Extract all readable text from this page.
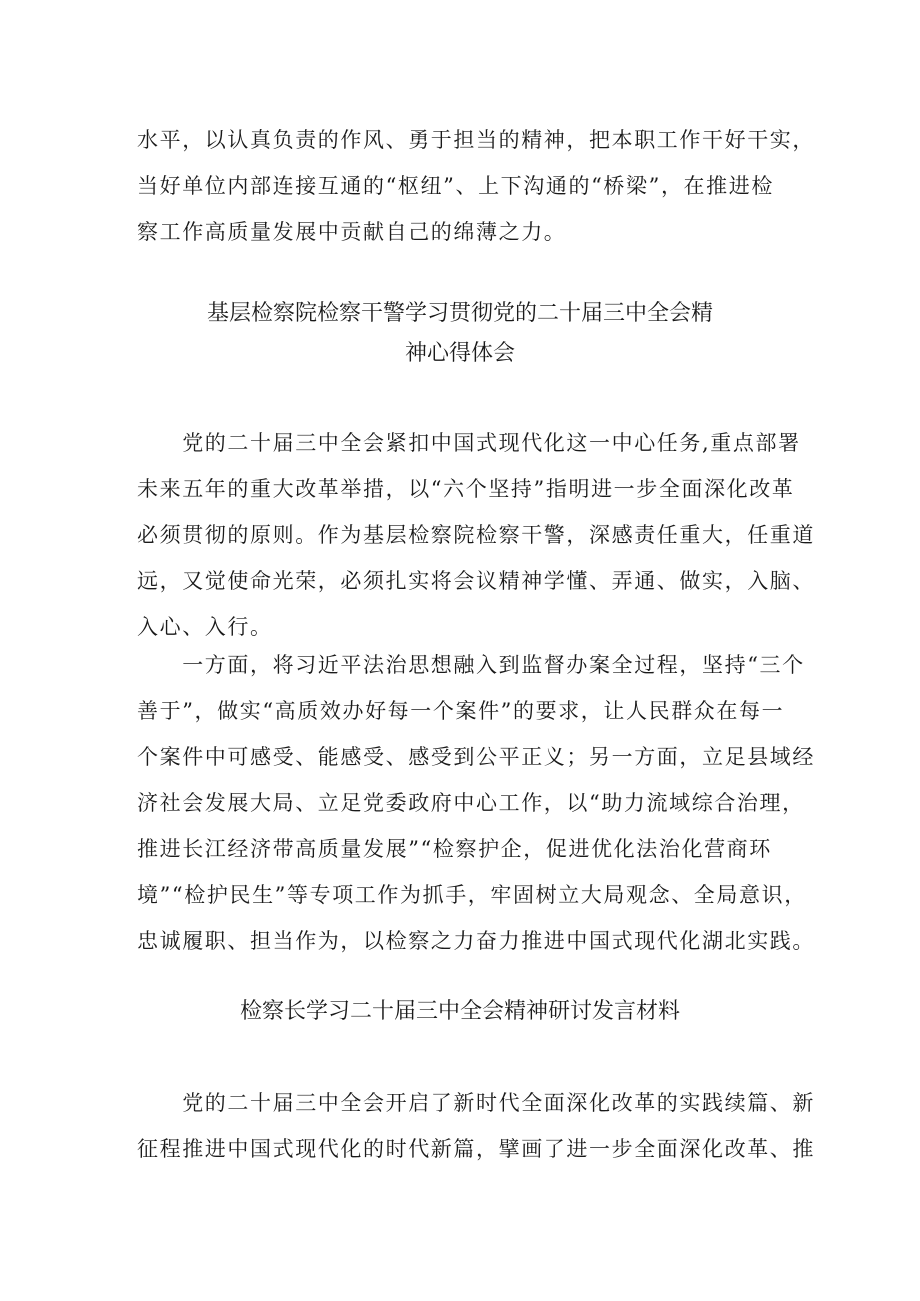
水平，以认真负责的作风、勇于担当的精神，把本职工作干好干实，
当好单位内部连接互通的“枢纽”、上下沟通的“桥梁”，在推进检
察工作高质量发展中贡献自己的绵薄之力。
基层检察院检察干警学习贯彻党的二十届三中全会精
神心得体会
　　党的二十届三中全会紧扣中国式现代化这一中心任务,重点部署
未来五年的重大改革举措，以“六个坚持”指明进一步全面深化改革
必须贯彻的原则。作为基层检察院检察干警，深感责任重大，任重道
远，又觉使命光荣，必须扎实将会议精神学懂、弄通、做实，入脑、
入心、入行。
　　一方面，将习近平法治思想融入到监督办案全过程，坚持“三个
善于”，做实“高质效办好每一个案件”的要求，让人民群众在每一
个案件中可感受、能感受、感受到公平正义；另一方面，立足县域经
济社会发展大局、立足党委政府中心工作，以“助力流域综合治理，
推进长江经济带高质量发展”“检察护企，促进优化法治化营商环
境”“检护民生”等专项工作为抓手，牢固树立大局观念、全局意识，
忠诚履职、担当作为，以检察之力奋力推进中国式现代化湖北实践。
检察长学习二十届三中全会精神研讨发言材料
　　党的二十届三中全会开启了新时代全面深化改革的实践续篇、新
征程推进中国式现代化的时代新篇，擘画了进一步全面深化改革、推
